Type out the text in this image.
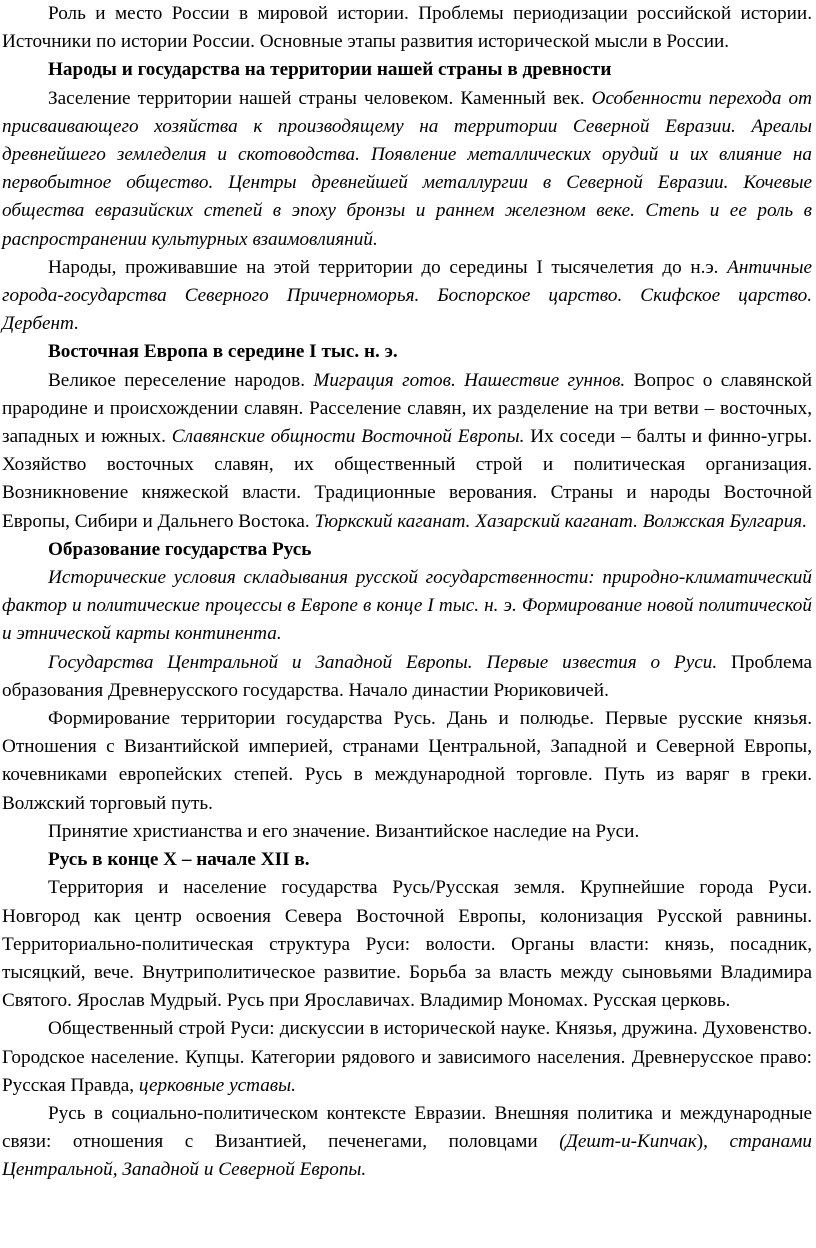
Роль и место России в мировой истории. Проблемы периодизации российской истории. Источники по истории России. Основные этапы развития исторической мысли в России.

Народы и государства на территории нашей страны в древности

Заселение территории нашей страны человеком. Каменный век. Особенности перехода от присваивающего хозяйства к производящему на территории Северной Евразии. Ареалы древнейшего земледелия и скотоводства. Появление металлических орудий и их влияние на первобытное общество. Центры древнейшей металлургии в Северной Евразии. Кочевые общества евразийских степей в эпоху бронзы и раннем железном веке. Степь и ее роль в распространении культурных взаимовлияний.

Народы, проживавшие на этой территории до середины I тысячелетия до н.э. Античные города-государства Северного Причерноморья. Боспорское царство. Скифское царство. Дербент.

Восточная Европа в середине I тыс. н. э.

Великое переселение народов. Миграция готов. Нашествие гуннов. Вопрос о славянской прародине и происхождении славян. Расселение славян, их разделение на три ветви – восточных, западных и южных. Славянские общности Восточной Европы. Их соседи – балты и финно-угры. Хозяйство восточных славян, их общественный строй и политическая организация. Возникновение княжеской власти. Традиционные верования. Страны и народы Восточной Европы, Сибири и Дальнего Востока. Тюркский каганат. Хазарский каганат. Волжская Булгария.

Образование государства Русь

Исторические условия складывания русской государственности: природно-климатический фактор и политические процессы в Европе в конце I тыс. н. э. Формирование новой политической и этнической карты континента.

Государства Центральной и Западной Европы. Первые известия о Руси. Проблема образования Древнерусского государства. Начало династии Рюриковичей.

Формирование территории государства Русь. Дань и полюдье. Первые русские князья. Отношения с Византийской империей, странами Центральной, Западной и Северной Европы, кочевниками европейских степей. Русь в международной торговле. Путь из варяг в греки. Волжский торговый путь.

Принятие христианства и его значение. Византийское наследие на Руси.

Русь в конце X – начале XII в.

Территория и население государства Русь/Русская земля. Крупнейшие города Руси. Новгород как центр освоения Севера Восточной Европы, колонизация Русской равнины. Территориально-политическая структура Руси: волости. Органы власти: князь, посадник, тысяцкий, вече. Внутриполитическое развитие. Борьба за власть между сыновьями Владимира Святого. Ярослав Мудрый. Русь при Ярославичах. Владимир Мономах. Русская церковь.

Общественный строй Руси: дискуссии в исторической науке. Князья, дружина. Духовенство. Городское население. Купцы. Категории рядового и зависимого населения. Древнерусское право: Русская Правда, церковные уставы.

Русь в социально-политическом контексте Евразии. Внешняя политика и международные связи: отношения с Византией, печенегами, половцами (Дешт-и-Кипчак), странами Центральной, Западной и Северной Европы.
